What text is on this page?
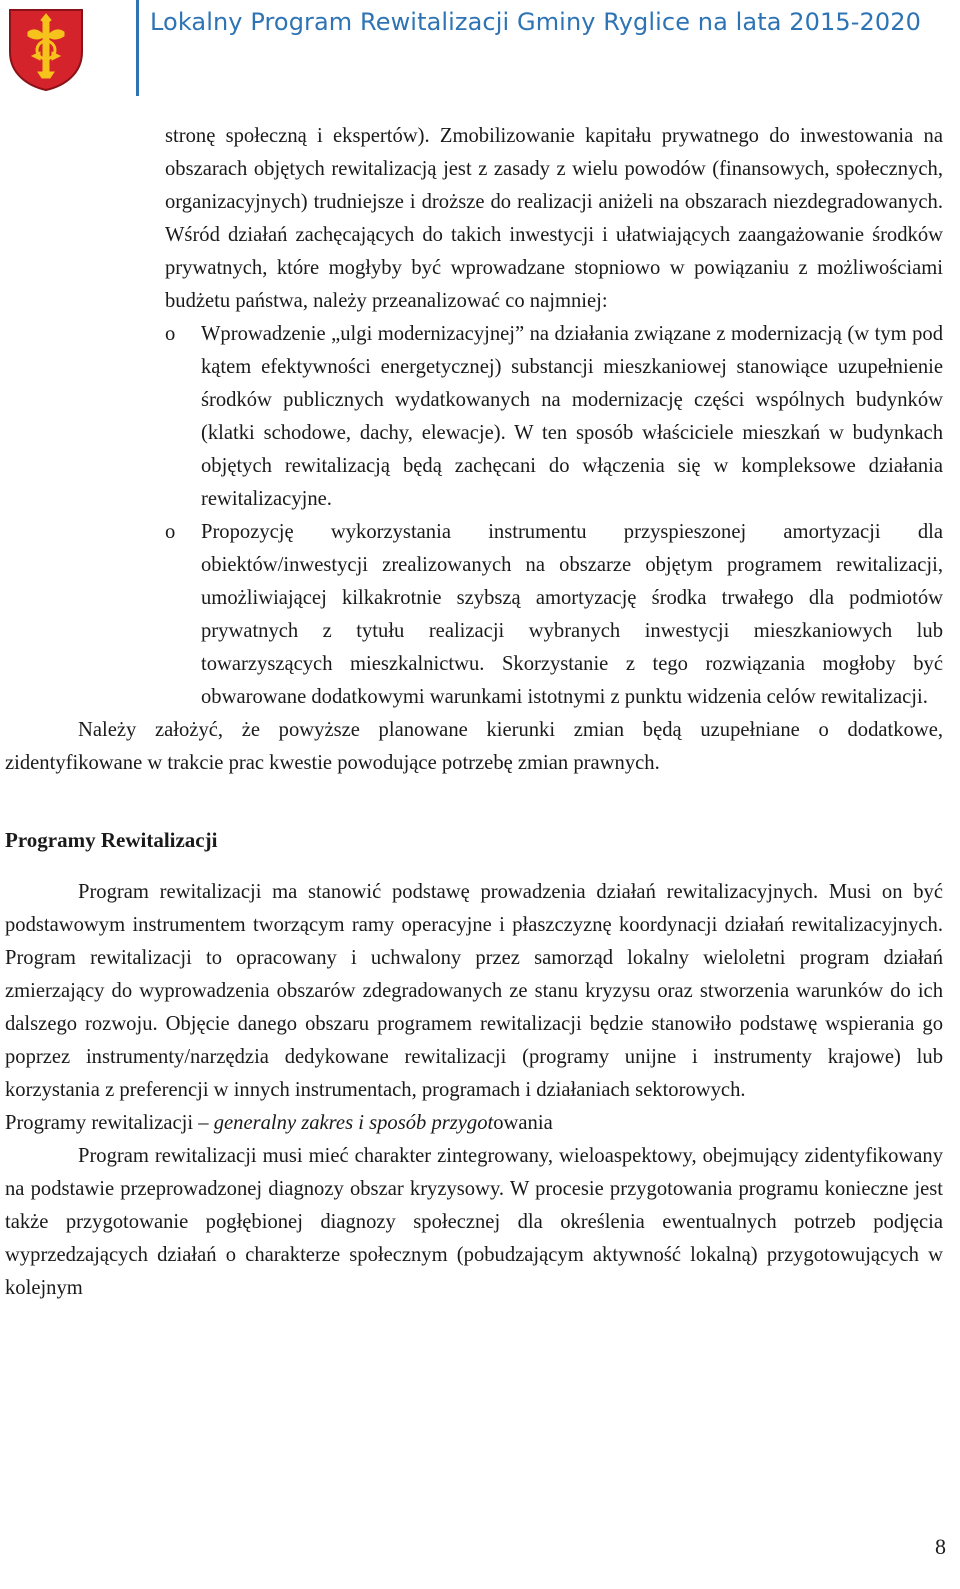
Lokalny Program Rewitalizacji Gminy Ryglice na lata 2015-2020

stronę społeczną i ekspertów). Zmobilizowanie kapitału prywatnego do inwestowania na obszarach objętych rewitalizacją jest z zasady z wielu powodów (finansowych, społecznych, organizacyjnych) trudniejsze i droższe do realizacji aniżeli na obszarach niezdegradowanych. Wśród działań zachęcających do takich inwestycji i ułatwiających zaangażowanie środków prywatnych, które mogłyby być wprowadzane stopniowo w powiązaniu z możliwościami budżetu państwa, należy przeanalizować co najmniej:

o Wprowadzenie „ulgi modernizacyjnej” na działania związane z modernizacją (w tym pod kątem efektywności energetycznej) substancji mieszkaniowej stanowiące uzupełnienie środków publicznych wydatkowanych na modernizację części wspólnych budynków (klatki schodowe, dachy, elewacje). W ten sposób właściciele mieszkań w budynkach objętych rewitalizacją będą zachęcani do włączenia się w kompleksowe działania rewitalizacyjne.

o Propozycję wykorzystania instrumentu przyspieszonej amortyzacji dla obiektów/inwestycji zrealizowanych na obszarze objętym programem rewitalizacji, umożliwiającej kilkakrotnie szybszą amortyzację środka trwałego dla podmiotów prywatnych z tytułu realizacji wybranych inwestycji mieszkaniowych lub towarzyszących mieszkalnictwu. Skorzystanie z tego rozwiązania mogłoby być obwarowane dodatkowymi warunkami istotnymi z punktu widzenia celów rewitalizacji.

Należy założyć, że powyższe planowane kierunki zmian będą uzupełniane o dodatkowe, zidentyfikowane w trakcie prac kwestie powodujące potrzebę zmian prawnych.

Programy Rewitalizacji

Program rewitalizacji ma stanowić podstawę prowadzenia działań rewitalizacyjnych. Musi on być podstawowym instrumentem tworzącym ramy operacyjne i płaszczyznę koordynacji działań rewitalizacyjnych. Program rewitalizacji to opracowany i uchwalony przez samorząd lokalny wieloletni program działań zmierzający do wyprowadzenia obszarów zdegradowanych ze stanu kryzysu oraz stworzenia warunków do ich dalszego rozwoju. Objęcie danego obszaru programem rewitalizacji będzie stanowiło podstawę wspierania go poprzez instrumenty/narzędzia dedykowane rewitalizacji (programy unijne i instrumenty krajowe) lub korzystania z preferencji w innych instrumentach, programach i działaniach sektorowych.

Programy rewitalizacji – generalny zakres i sposób przygotowania

Program rewitalizacji musi mieć charakter zintegrowany, wieloaspektowy, obejmujący zidentyfikowany na podstawie przeprowadzonej diagnozy obszar kryzysowy. W procesie przygotowania programu konieczne jest także przygotowanie pogłębionej diagnozy społecznej dla określenia ewentualnych potrzeb podjęcia wyprzedzających działań o charakterze społecznym (pobudzającym aktywność lokalną) przygotowujących w kolejnym

8
